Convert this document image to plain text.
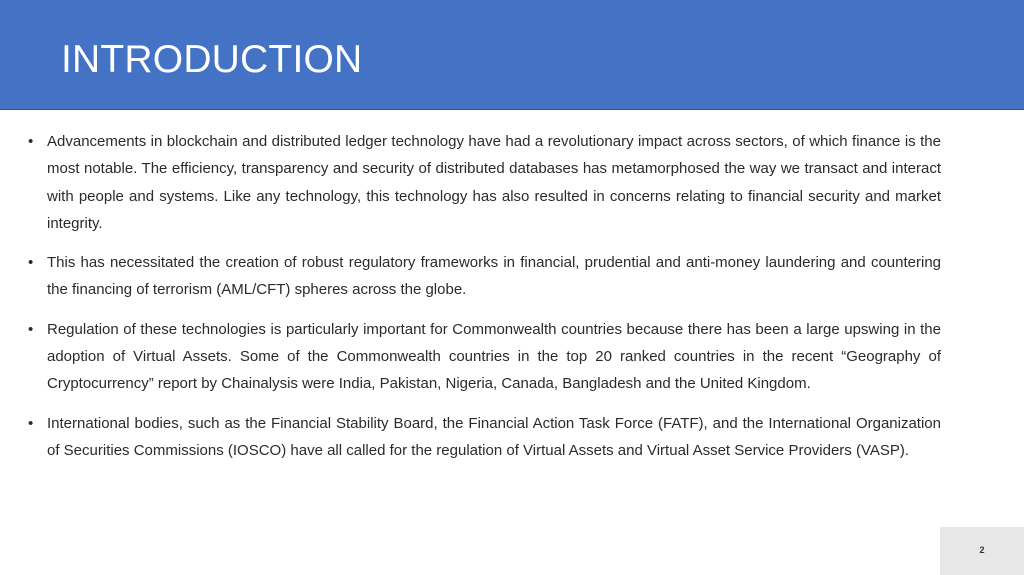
INTRODUCTION
• Advancements in blockchain and distributed ledger technology have had a revolutionary impact across sectors, of which finance is the most notable. The efficiency, transparency and security of distributed databases has metamorphosed the way we transact and interact with people and systems. Like any technology, this technology has also resulted in concerns relating to financial security and market integrity.
• This has necessitated the creation of robust regulatory frameworks in financial, prudential and anti-money laundering and countering the financing of terrorism (AML/CFT) spheres across the globe.
• Regulation of these technologies is particularly important for Commonwealth countries because there has been a large upswing in the adoption of Virtual Assets. Some of the Commonwealth countries in the top 20 ranked countries in the recent “Geography of Cryptocurrency” report by Chainalysis were India, Pakistan, Nigeria, Canada, Bangladesh and the United Kingdom.
• International bodies, such as the Financial Stability Board, the Financial Action Task Force (FATF), and the International Organization of Securities Commissions (IOSCO) have all called for the regulation of Virtual Assets and Virtual Asset Service Providers (VASP).
2
